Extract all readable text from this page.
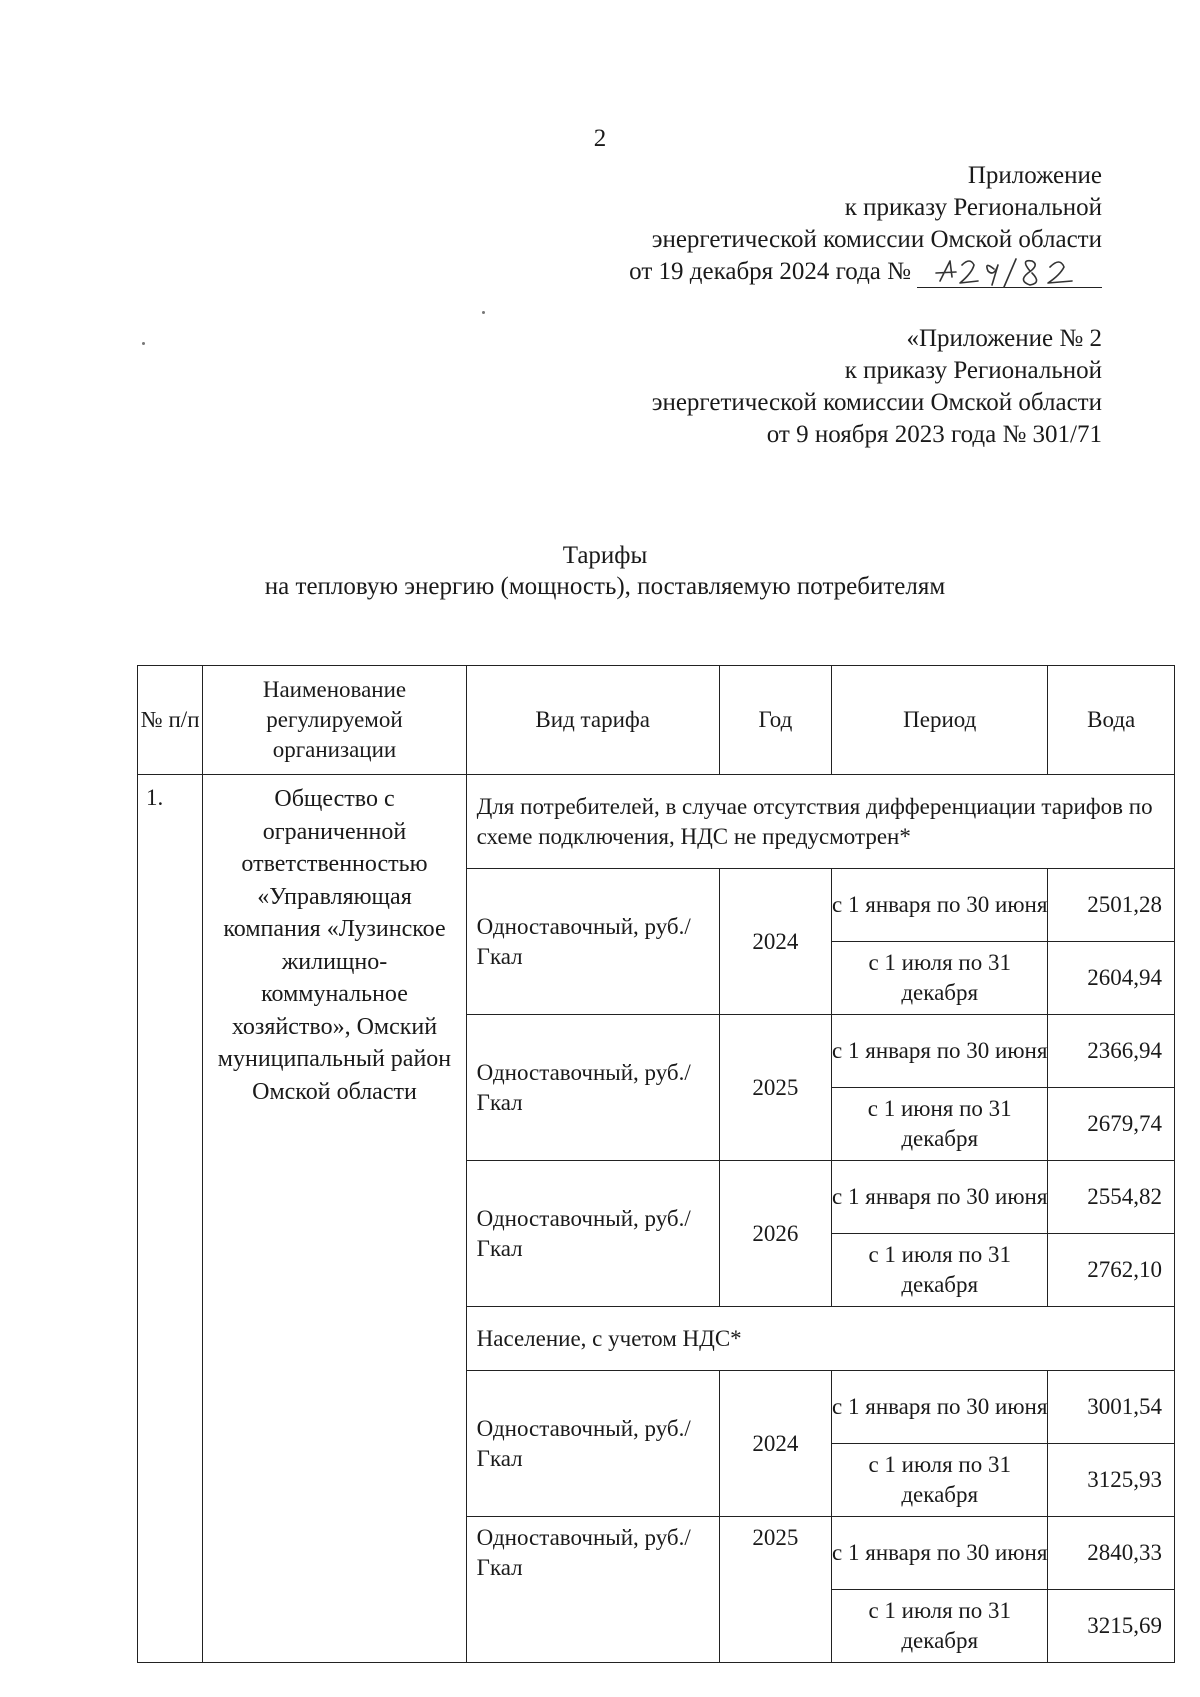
2
Приложение
к приказу Региональной
энергетической комиссии Омской области
от 19 декабря 2024 года №
«Приложение № 2
к приказу Региональной
энергетической комиссии Омской области
от 9 ноября 2023 года № 301/71
Тарифы
на тепловую энергию (мощность), поставляемую потребителям
№ п/п	Наименование регулируемой организации	Вид тарифа	Год	Период	Вода
1.	Общество с ограниченной ответственностью «Управляющая компания «Лузинское жилищно-коммунальное хозяйство», Омский муниципальный район Омской области	Для потребителей, в случае отсутствия дифференциации тарифов по схеме подключения, НДС не предусмотрен*			
		Одноставочный, руб./Гкал	2024	с 1 января по 30 июня	2501,28
				с 1 июля по 31 декабря	2604,94
		Одноставочный, руб./Гкал	2025	с 1 января по 30 июня	2366,94
				с 1 июня по 31 декабря	2679,74
		Одноставочный, руб./Гкал	2026	с 1 января по 30 июня	2554,82
				с 1 июля по 31 декабря	2762,10
		Население, с учетом НДС*			
		Одноставочный, руб./Гкал	2024	с 1 января по 30 июня	3001,54
				с 1 июля по 31 декабря	3125,93
		Одноставочный, руб./Гкал	2025	с 1 января по 30 июня	2840,33
				с 1 июля по 31 декабря	3215,69
